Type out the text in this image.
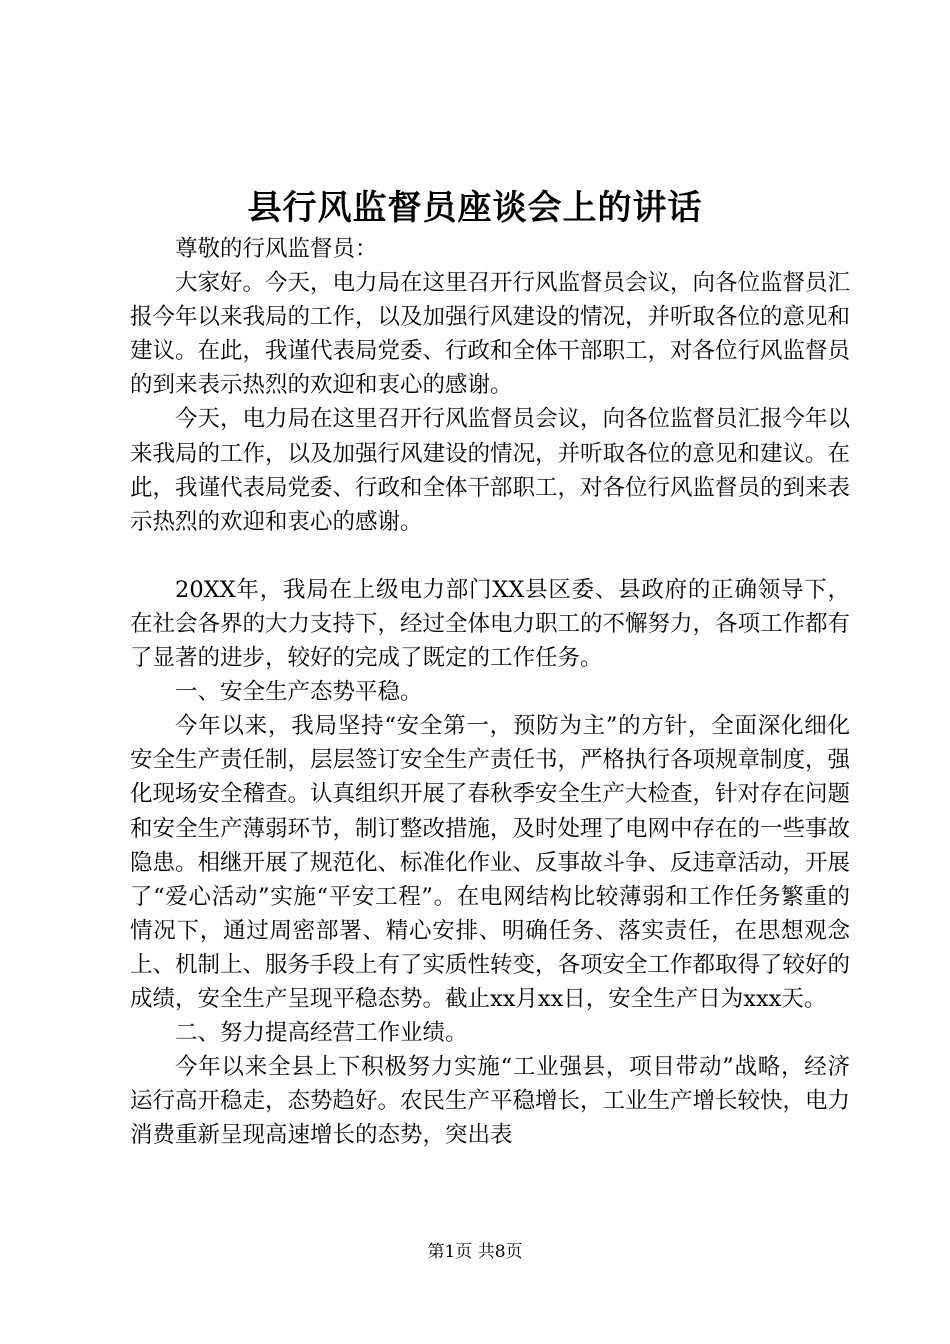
县行风监督员座谈会上的讲话

尊敬的行风监督员：

大家好。今天，电力局在这里召开行风监督员会议，向各位监督员汇报今年以来我局的工作，以及加强行风建设的情况，并听取各位的意见和建议。在此，我谨代表局党委、行政和全体干部职工，对各位行风监督员的到来表示热烈的欢迎和衷心的感谢。

今天，电力局在这里召开行风监督员会议，向各位监督员汇报今年以来我局的工作，以及加强行风建设的情况，并听取各位的意见和建议。在此，我谨代表局党委、行政和全体干部职工，对各位行风监督员的到来表示热烈的欢迎和衷心的感谢。

20XX年，我局在上级电力部门XX县区委、县政府的正确领导下，在社会各界的大力支持下，经过全体电力职工的不懈努力，各项工作都有了显著的进步，较好的完成了既定的工作任务。

一、安全生产态势平稳。

今年以来，我局坚持“安全第一，预防为主”的方针，全面深化细化安全生产责任制，层层签订安全生产责任书，严格执行各项规章制度，强化现场安全稽查。认真组织开展了春秋季安全生产大检查，针对存在问题和安全生产薄弱环节，制订整改措施，及时处理了电网中存在的一些事故隐患。相继开展了规范化、标准化作业、反事故斗争、反违章活动，开展了“爱心活动”实施“平安工程”。在电网结构比较薄弱和工作任务繁重的情况下，通过周密部署、精心安排、明确任务、落实责任，在思想观念上、机制上、服务手段上有了实质性转变，各项安全工作都取得了较好的成绩，安全生产呈现平稳态势。截止xx月xx日，安全生产日为xxx天。

二、努力提高经营工作业绩。

今年以来全县上下积极努力实施“工业强县，项目带动”战略，经济运行高开稳走，态势趋好。农民生产平稳增长，工业生产增长较快，电力消费重新呈现高速增长的态势，突出表

第1页 共8页
